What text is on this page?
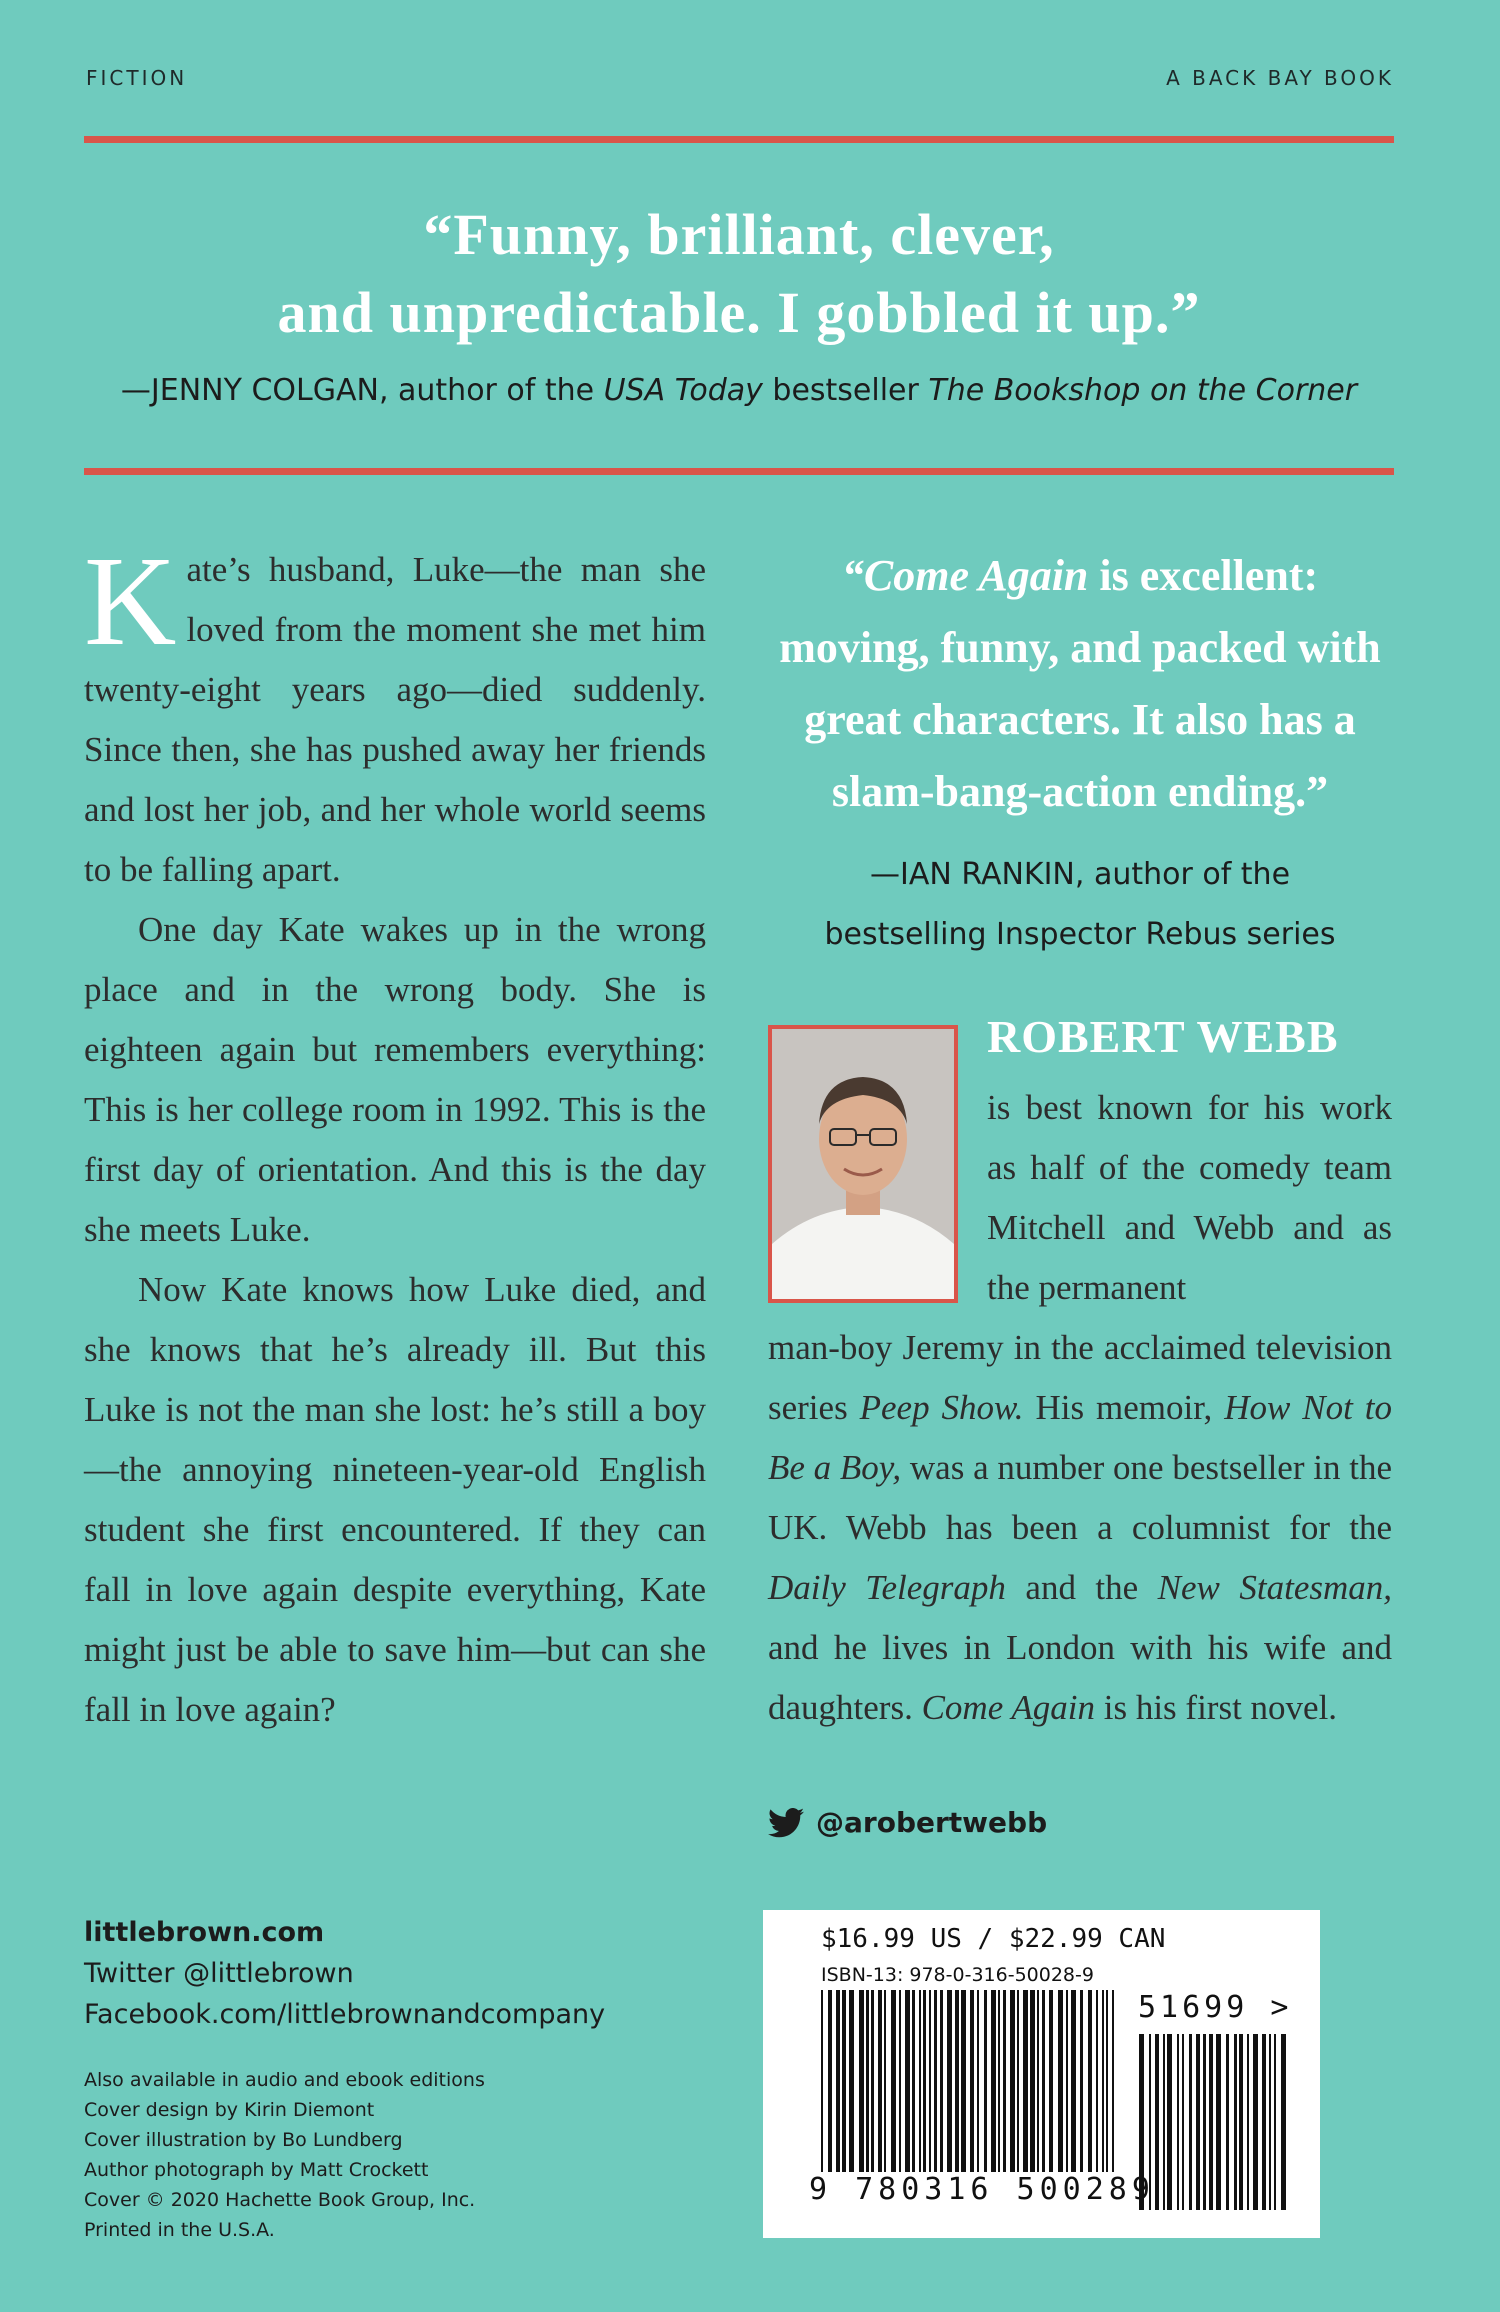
FICTION	A BACK BAY BOOK
“Funny, brilliant, clever,
and unpredictable. I gobbled it up.”
—JENNY COLGAN, author of the USA Today bestseller The Bookshop on the Corner

Kate’s husband, Luke—the man she loved from the moment she met him twenty-eight years ago—died suddenly. Since then, she has pushed away her friends and lost her job, and her whole world seems to be falling apart.

One day Kate wakes up in the wrong place and in the wrong body. She is eighteen again but remembers everything: This is her college room in 1992. This is the first day of orientation. And this is the day she meets Luke.

Now Kate knows how Luke died, and she knows that he’s already ill. But this Luke is not the man she lost: he’s still a boy—the annoying nineteen-year-old English student she first encountered. If they can fall in love again despite everything, Kate might just be able to save him—but can she fall in love again?

“Come Again is excellent:
moving, funny, and packed with
great characters. It also has a
slam-bang-action ending.”
—IAN RANKIN, author of the
bestselling Inspector Rebus series
ROBERT WEBB
is best known for his work as half of the comedy team Mitchell and Webb and as the permanent
man-boy Jeremy in the acclaimed television series Peep Show. His memoir, How Not to Be a Boy, was a number one bestseller in the UK. Webb has been a columnist for the Daily Telegraph and the New Statesman, and he lives in London with his wife and daughters. Come Again is his first novel.
@arobertwebb
littlebrown.com
Twitter @littlebrown
Facebook.com/littlebrownandcompany
Also available in audio and ebook editions
Cover design by Kirin Diemont
Cover illustration by Bo Lundberg
Author photograph by Matt Crockett
Cover © 2020 Hachette Book Group, Inc.
Printed in the U.S.A.
$16.99 US / $22.99 CAN
ISBN-13: 978-0-316-50028-9
51699 >
9 780316 500289
